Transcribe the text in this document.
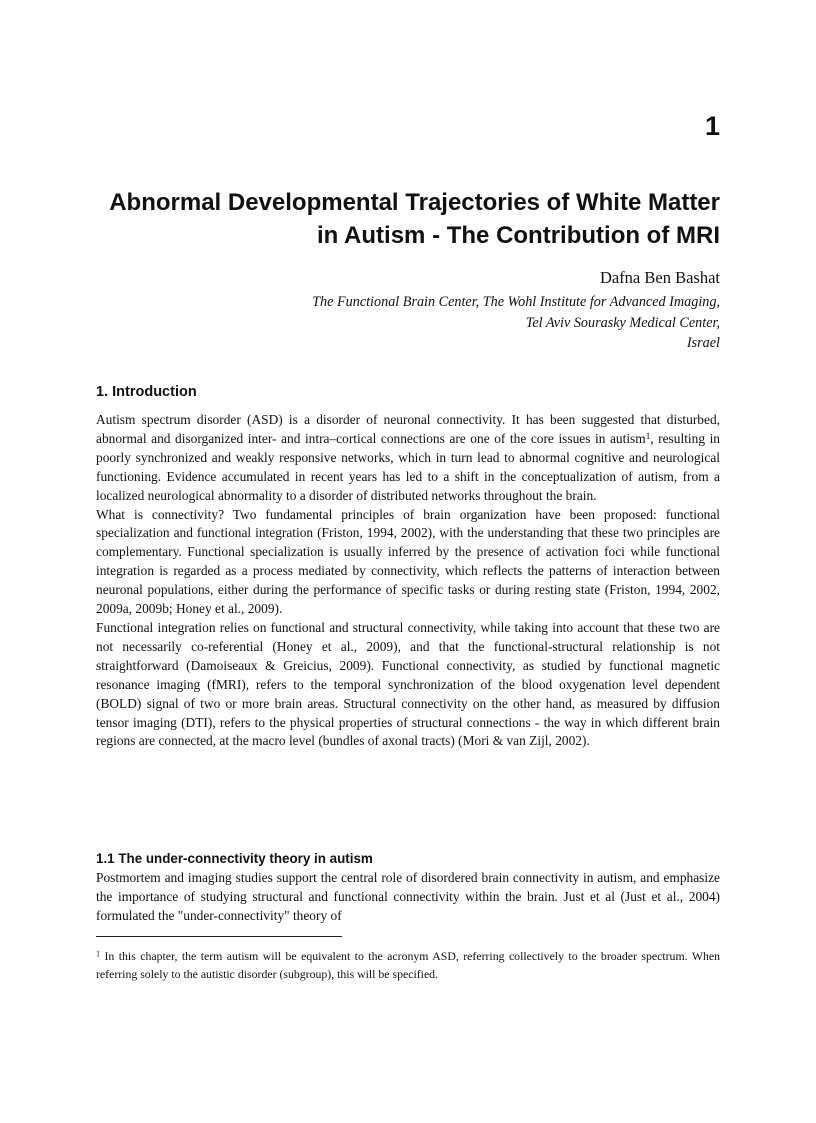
1
Abnormal Developmental Trajectories of White Matter in Autism - The Contribution of MRI
Dafna Ben Bashat
The Functional Brain Center, The Wohl Institute for Advanced Imaging,
Tel Aviv Sourasky Medical Center,
Israel
1. Introduction

Autism spectrum disorder (ASD) is a disorder of neuronal connectivity. It has been suggested that disturbed, abnormal and disorganized inter- and intra–cortical connections are one of the core issues in autism$^1$, resulting in poorly synchronized and weakly responsive networks, which in turn lead to abnormal cognitive and neurological functioning. Evidence accumulated in recent years has led to a shift in the conceptualization of autism, from a localized neurological abnormality to a disorder of distributed networks throughout the brain.

What is connectivity? Two fundamental principles of brain organization have been proposed: functional specialization and functional integration (Friston, 1994, 2002), with the understanding that these two principles are complementary. Functional specialization is usually inferred by the presence of activation foci while functional integration is regarded as a process mediated by connectivity, which reflects the patterns of interaction between neuronal populations, either during the performance of specific tasks or during resting state (Friston, 1994, 2002, 2009a, 2009b; Honey et al., 2009).

Functional integration relies on functional and structural connectivity, while taking into account that these two are not necessarily co-referential (Honey et al., 2009), and that the functional-structural relationship is not straightforward (Damoiseaux & Greicius, 2009). Functional connectivity, as studied by functional magnetic resonance imaging (fMRI), refers to the temporal synchronization of the blood oxygenation level dependent (BOLD) signal of two or more brain areas. Structural connectivity on the other hand, as measured by diffusion tensor imaging (DTI), refers to the physical properties of structural connections - the way in which different brain regions are connected, at the macro level (bundles of axonal tracts) (Mori & van Zijl, 2002).

1.1 The under-connectivity theory in autism

Postmortem and imaging studies support the central role of disordered brain connectivity in autism, and emphasize the importance of studying structural and functional connectivity within the brain. Just et al (Just et al., 2004) formulated the "under-connectivity" theory of

$^1$ In this chapter, the term autism will be equivalent to the acronym ASD, referring collectively to the broader spectrum. When referring solely to the autistic disorder (subgroup), this will be specified.
